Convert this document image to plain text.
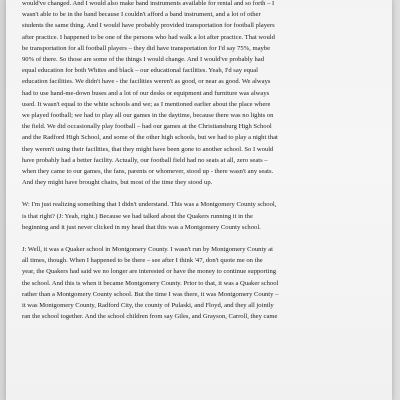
would've changed. And I would also make band instruments available for rental and so forth – I
wasn't able to be in the band because I couldn't afford a band instrument, and a lot of other
students the same thing. And I would have probably provided transportation for football players
after practice. I happened to be one of the persons who had walk a lot after practice. That would
be transportation for all football players – they did have transportation for I'd say 75%, maybe
90% of there. So those are some of the things I would change. And I would've probably had
equal education for both Whites and black – our educational facilities. Yeah, I'd say equal
education facilities. We didn't have - the facilities weren't as good, or near as good. We always
had to use hand-me-down buses and a lot of our desks or equipment and furniture was always
used. It wasn't equal to the white schools and we; as I mentioned earlier about the place where
we played football; we had to play all our games in the daytime, because there was no lights on
the field. We did occasionally play football – had our games at the Christiansburg High School
and the Radford High School, and some of the other high schools, but we had to play a night that
they weren't using their facilities, that they might have been gone to another school. So I would
have probably had a better facility. Actually, our football field had no seats at all, zero seats –
when they came to our games, the fans, parents or whomever, stood up - there wasn't any seats.
And they might have brought chairs, but most of the time they stood up.

W: I'm just realizing something that I didn't understand. This was a Montgomery County school,
is that right? (J: Yeah, right.) Because we had talked about the Quakers running it in the
beginning and it just never clicked in my head that this was a Montgomery County school.

J: Well, it was a Quaker school in Montgomery County. I wasn't run by Montgomery County at
all times, though. When I happened to be there – see after I think '47, don't quote me on the
year, the Quakers had said we no longer are interested or have the money to continue supporting
the school. And this is when it became Montgomery County. Prior to that, it was a Quaker school
rather than a Montgomery County school. But the time I was there, it was Montgomery County –
it was Montgomery County, Radford City, the county of Pulaski, and Floyd, and they all jointly
ran the school together. And the school children from say Giles, and Grayson, Carroll, they came
